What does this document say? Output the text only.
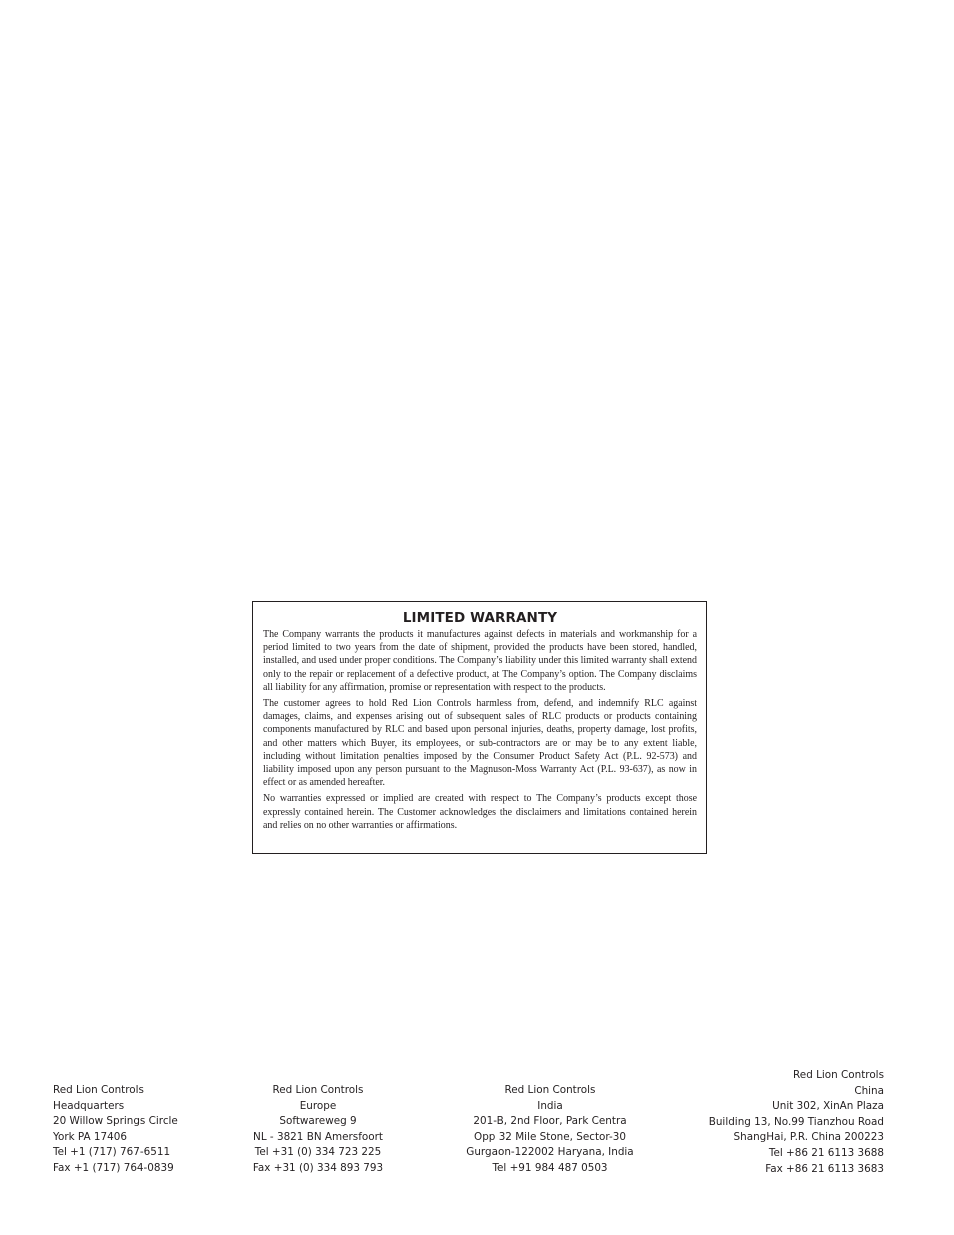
LIMITED WARRANTY

The Company warrants the products it manufactures against defects in materials and workmanship for a period limited to two years from the date of shipment, provided the products have been stored, handled, installed, and used under proper conditions. The Company’s liability under this limited warranty shall extend only to the repair or replacement of a defective product, at The Company’s option. The Company disclaims all liability for any affirmation, promise or representation with respect to the products.

The customer agrees to hold Red Lion Controls harmless from, defend, and indemnify RLC against damages, claims, and expenses arising out of subsequent sales of RLC products or products containing components manufactured by RLC and based upon personal injuries, deaths, property damage, lost profits, and other matters which Buyer, its employees, or sub-contractors are or may be to any extent liable, including without limitation penalties imposed by the Consumer Product Safety Act (P.L. 92-573) and liability imposed upon any person pursuant to the Magnuson-Moss Warranty Act (P.L. 93-637), as now in effect or as amended hereafter.

No warranties expressed or implied are created with respect to The Company’s products except those expressly contained herein. The Customer acknowledges the disclaimers and limitations contained herein and relies on no other warranties or affirmations.

Red Lion Controls
Headquarters
20 Willow Springs Circle
York PA 17406
Tel +1 (717) 767-6511
Fax +1 (717) 764-0839
Red Lion Controls
Europe
Softwareweg 9
NL - 3821 BN Amersfoort
Tel +31 (0) 334 723 225
Fax +31 (0) 334 893 793
Red Lion Controls
India
201-B, 2nd Floor, Park Centra
Opp 32 Mile Stone, Sector-30
Gurgaon-122002 Haryana, India
Tel +91 984 487 0503
Red Lion Controls
China
Unit 302, XinAn Plaza
Building 13, No.99 Tianzhou Road
ShangHai, P.R. China 200223
Tel +86 21 6113 3688
Fax +86 21 6113 3683
